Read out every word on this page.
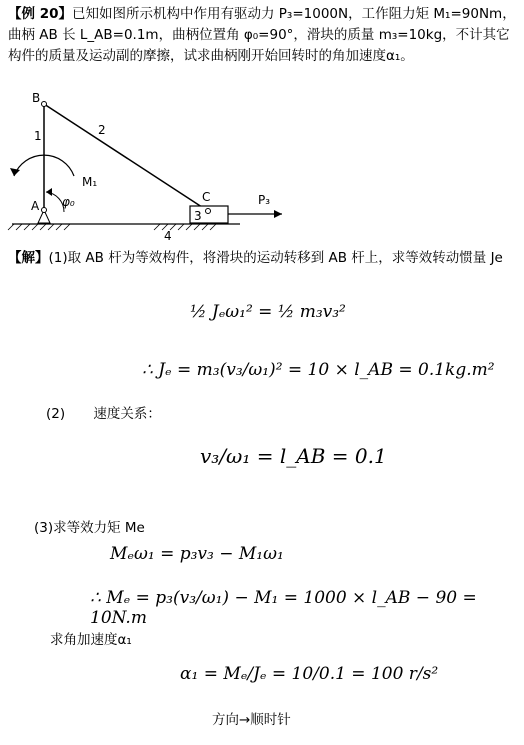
【例 20】已知如图所示机构中作用有驱动力 P₃=1000N，工作阻力矩 M₁=90Nm，曲柄 AB 长 L_AB=0.1m，曲柄位置角 φ₀=90°，滑块的质量 m₃=10kg，不计其它构件的质量及运动副的摩擦，试求曲柄刚开始回转时的角加速度α₁。
B
A
C
1	2
3
4
M₁
φ₀	P₃
【解】(1)取 AB 杆为等效构件，将滑块的运动转移到 AB 杆上，求等效转动惯量 Je
½ Jₑω₁² = ½ m₃v₃²
∴ Jₑ = m₃(v₃/ω₁)² = 10 × l_AB = 0.1kg.m²
(2) 速度关系：
v₃/ω₁ = l_AB = 0.1
(3)求等效力矩 Me
Mₑω₁ = p₃v₃ − M₁ω₁
∴ Mₑ = p₃(v₃/ω₁) − M₁ = 1000 × l_AB − 90 = 10N.m
求角加速度α₁
α₁ = Mₑ/Jₑ = 10/0.1 = 100 r/s²
方向→顺时针
